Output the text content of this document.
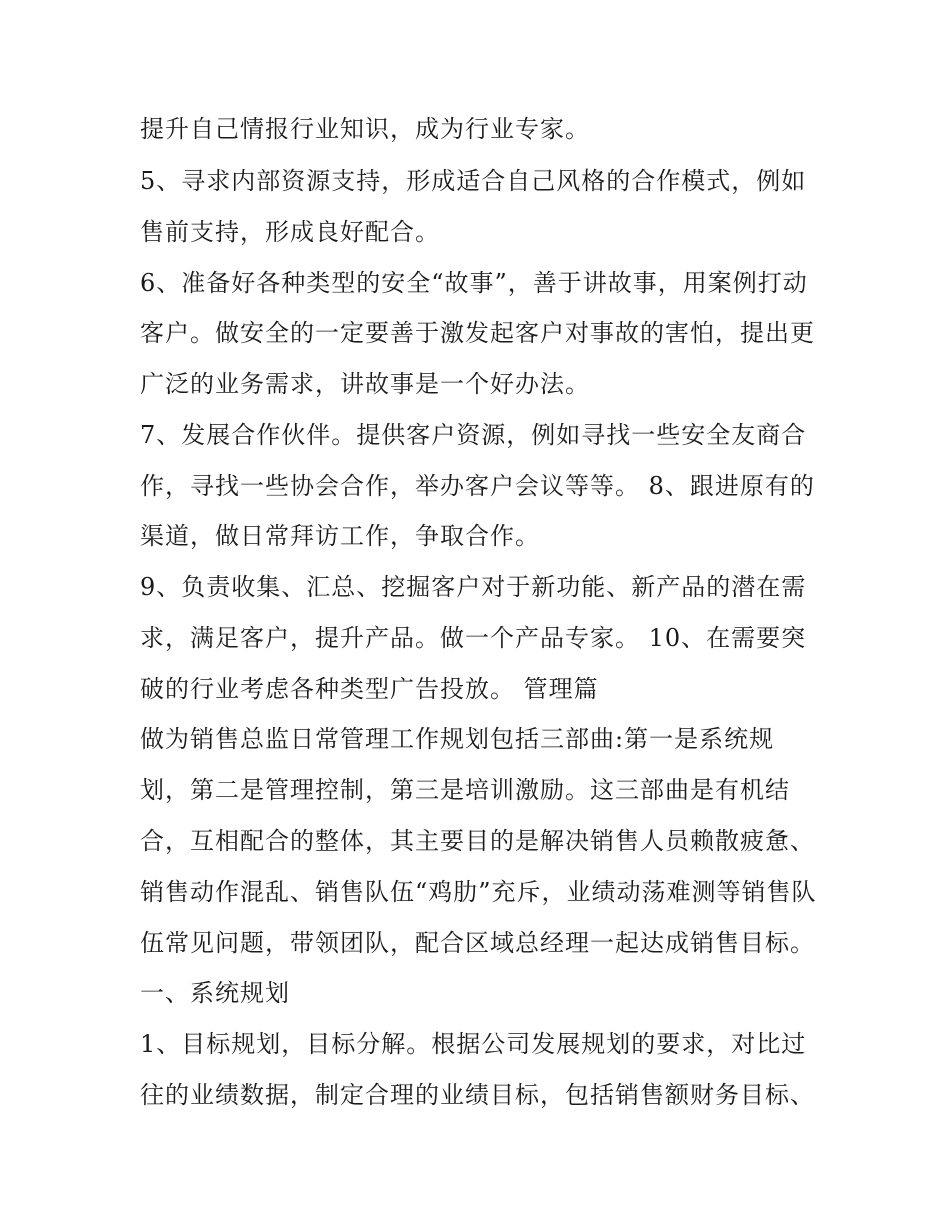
提升自己情报行业知识，成为行业专家。
5、寻求内部资源支持，形成适合自己风格的合作模式，例如
售前支持，形成良好配合。
6、准备好各种类型的安全“故事”，善于讲故事，用案例打动
客户。做安全的一定要善于激发起客户对事故的害怕，提出更
广泛的业务需求，讲故事是一个好办法。
7、发展合作伙伴。提供客户资源，例如寻找一些安全友商合
作，寻找一些协会合作，举办客户会议等等。 8、跟进原有的
渠道，做日常拜访工作，争取合作。
9、负责收集、汇总、挖掘客户对于新功能、新产品的潜在需
求，满足客户，提升产品。做一个产品专家。 10、在需要突
破的行业考虑各种类型广告投放。 管理篇
做为销售总监日常管理工作规划包括三部曲:第一是系统规
划，第二是管理控制，第三是培训激励。这三部曲是有机结
合，互相配合的整体，其主要目的是解决销售人员赖散疲惫、
销售动作混乱、销售队伍“鸡肋”充斥，业绩动荡难测等销售队
伍常见问题，带领团队，配合区域总经理一起达成销售目标。
一、系统规划
1、目标规划，目标分解。根据公司发展规划的要求，对比过
往的业绩数据，制定合理的业绩目标，包括销售额财务目标、
